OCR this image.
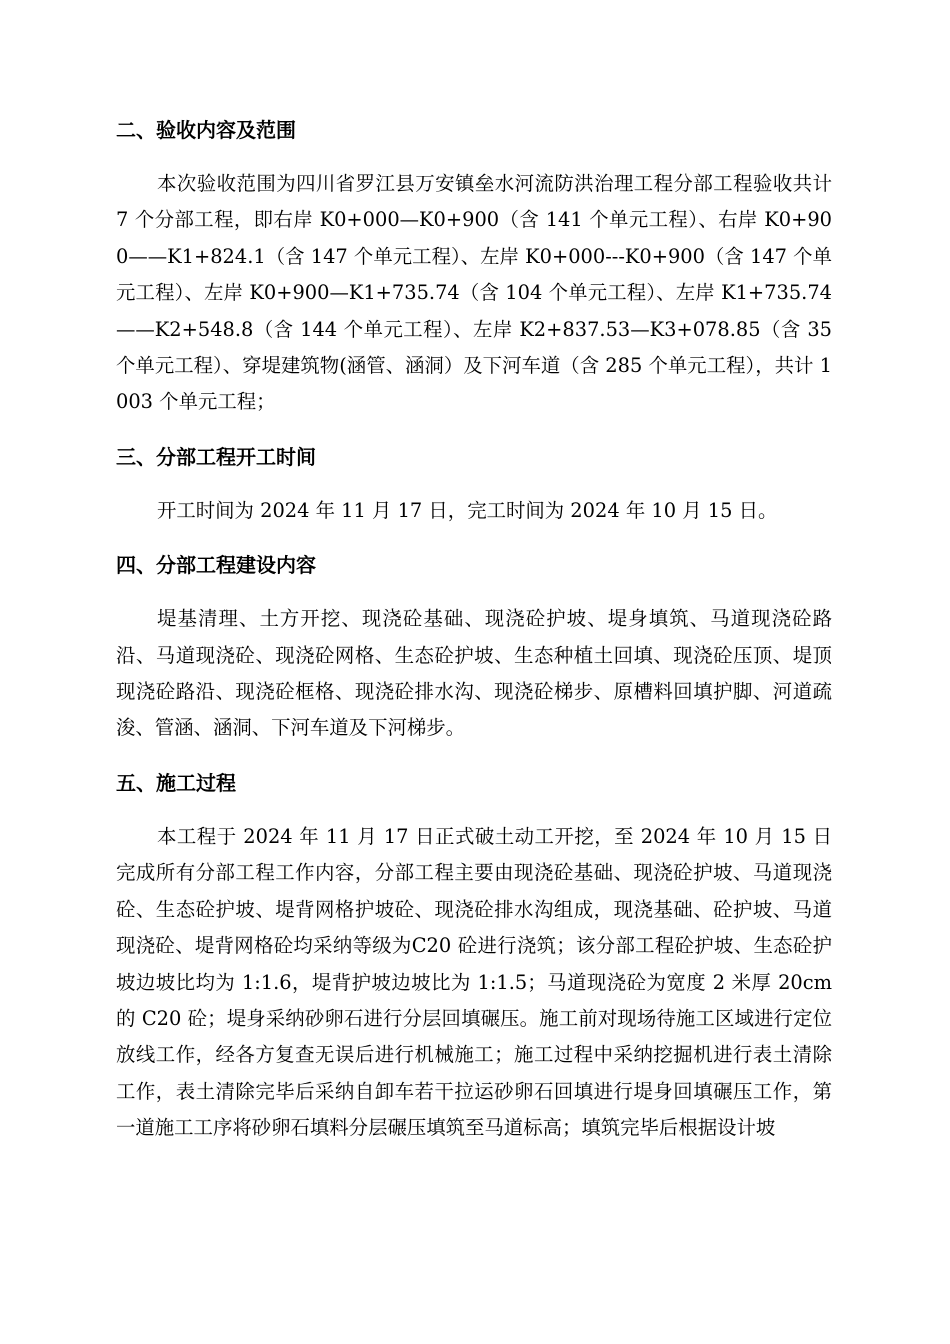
二、验收内容及范围

本次验收范围为四川省罗江县万安镇垒水河流防洪治理工程分部工程验收共计 7 个分部工程，即右岸 K0+000—K0+900（含 141 个单元工程）、右岸 K0+900——K1+824.1（含 147 个单元工程）、左岸 K0+000---K0+900（含 147 个单元工程）、左岸 K0+900—K1+735.74（含 104 个单元工程）、左岸 K1+735.74——K2+548.8（含 144 个单元工程）、左岸 K2+837.53—K3+078.85（含 35 个单元工程）、穿堤建筑物(涵管、涵洞）及下河车道（含 285 个单元工程），共计 1003 个单元工程；

三、分部工程开工时间

开工时间为 2024 年 11 月 17 日，完工时间为 2024 年 10 月 15 日。

四、分部工程建设内容

堤基清理、土方开挖、现浇砼基础、现浇砼护坡、堤身填筑、马道现浇砼路沿、马道现浇砼、现浇砼网格、生态砼护坡、生态种植土回填、现浇砼压顶、堤顶现浇砼路沿、现浇砼框格、现浇砼排水沟、现浇砼梯步、原槽料回填护脚、河道疏浚、管涵、涵洞、下河车道及下河梯步。

五、施工过程

本工程于 2024 年 11 月 17 日正式破土动工开挖，至 2024 年 10 月 15 日完成所有分部工程工作内容，分部工程主要由现浇砼基础、现浇砼护坡、马道现浇砼、生态砼护坡、堤背网格护坡砼、现浇砼排水沟组成，现浇基础、砼护坡、马道现浇砼、堤背网格砼均采纳等级为C20 砼进行浇筑；该分部工程砼护坡、生态砼护坡边坡比均为 1:1.6，堤背护坡边坡比为 1:1.5；马道现浇砼为宽度 2 米厚 20cm 的 C20 砼；堤身采纳砂卵石进行分层回填碾压。施工前对现场待施工区域进行定位放线工作，经各方复查无误后进行机械施工；施工过程中采纳挖掘机进行表土清除工作，表土清除完毕后采纳自卸车若干拉运砂卵石回填进行堤身回填碾压工作，第一道施工工序将砂卵石填料分层碾压填筑至马道标高；填筑完毕后根据设计坡
